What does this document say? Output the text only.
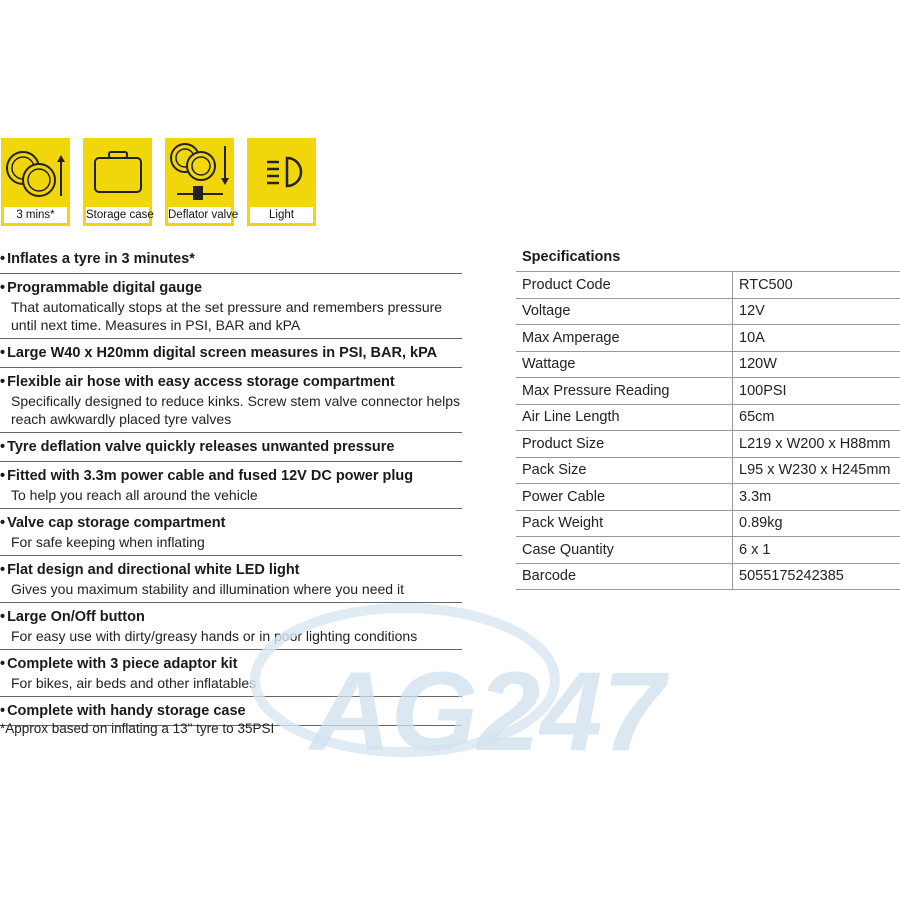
3 mins*	Storage case Deflator valve	Light
• Inflates a tyre in 3 minutes*
• Programmable digital gauge
That automatically stops at the set pressure and remembers pressure until next time. Measures in PSI, BAR and kPA
• Large W40 x H20mm digital screen measures in PSI, BAR, kPA
• Flexible air hose with easy access storage compartment
Specifically designed to reduce kinks. Screw stem valve connector helps reach awkwardly placed tyre valves
• Tyre deflation valve quickly releases unwanted pressure
• Fitted with 3.3m power cable and fused 12V DC power plug
To help you reach all around the vehicle
• Valve cap storage compartment
For safe keeping when inflating
• Flat design and directional white LED light
Gives you maximum stability and illumination where you need it
• Large On/Off button
For easy use with dirty/greasy hands or in poor lighting conditions
• Complete with 3 piece adaptor kit
For bikes, air beds and other inflatables
• Complete with handy storage case
*Approx based on inflating a 13" tyre to 35PSI
Specifications
Product Code	RTC500
Voltage	12V
Max Amperage	10A
Wattage	120W
Max Pressure Reading	100PSI
Air Line Length	65cm
Product Size	L219 x W200 x H88mm
Pack Size	L95 x W230 x H245mm
Power Cable	3.3m
Pack Weight	0.89kg
Case Quantity	6 x 1
Barcode	5055175242385
AG247
